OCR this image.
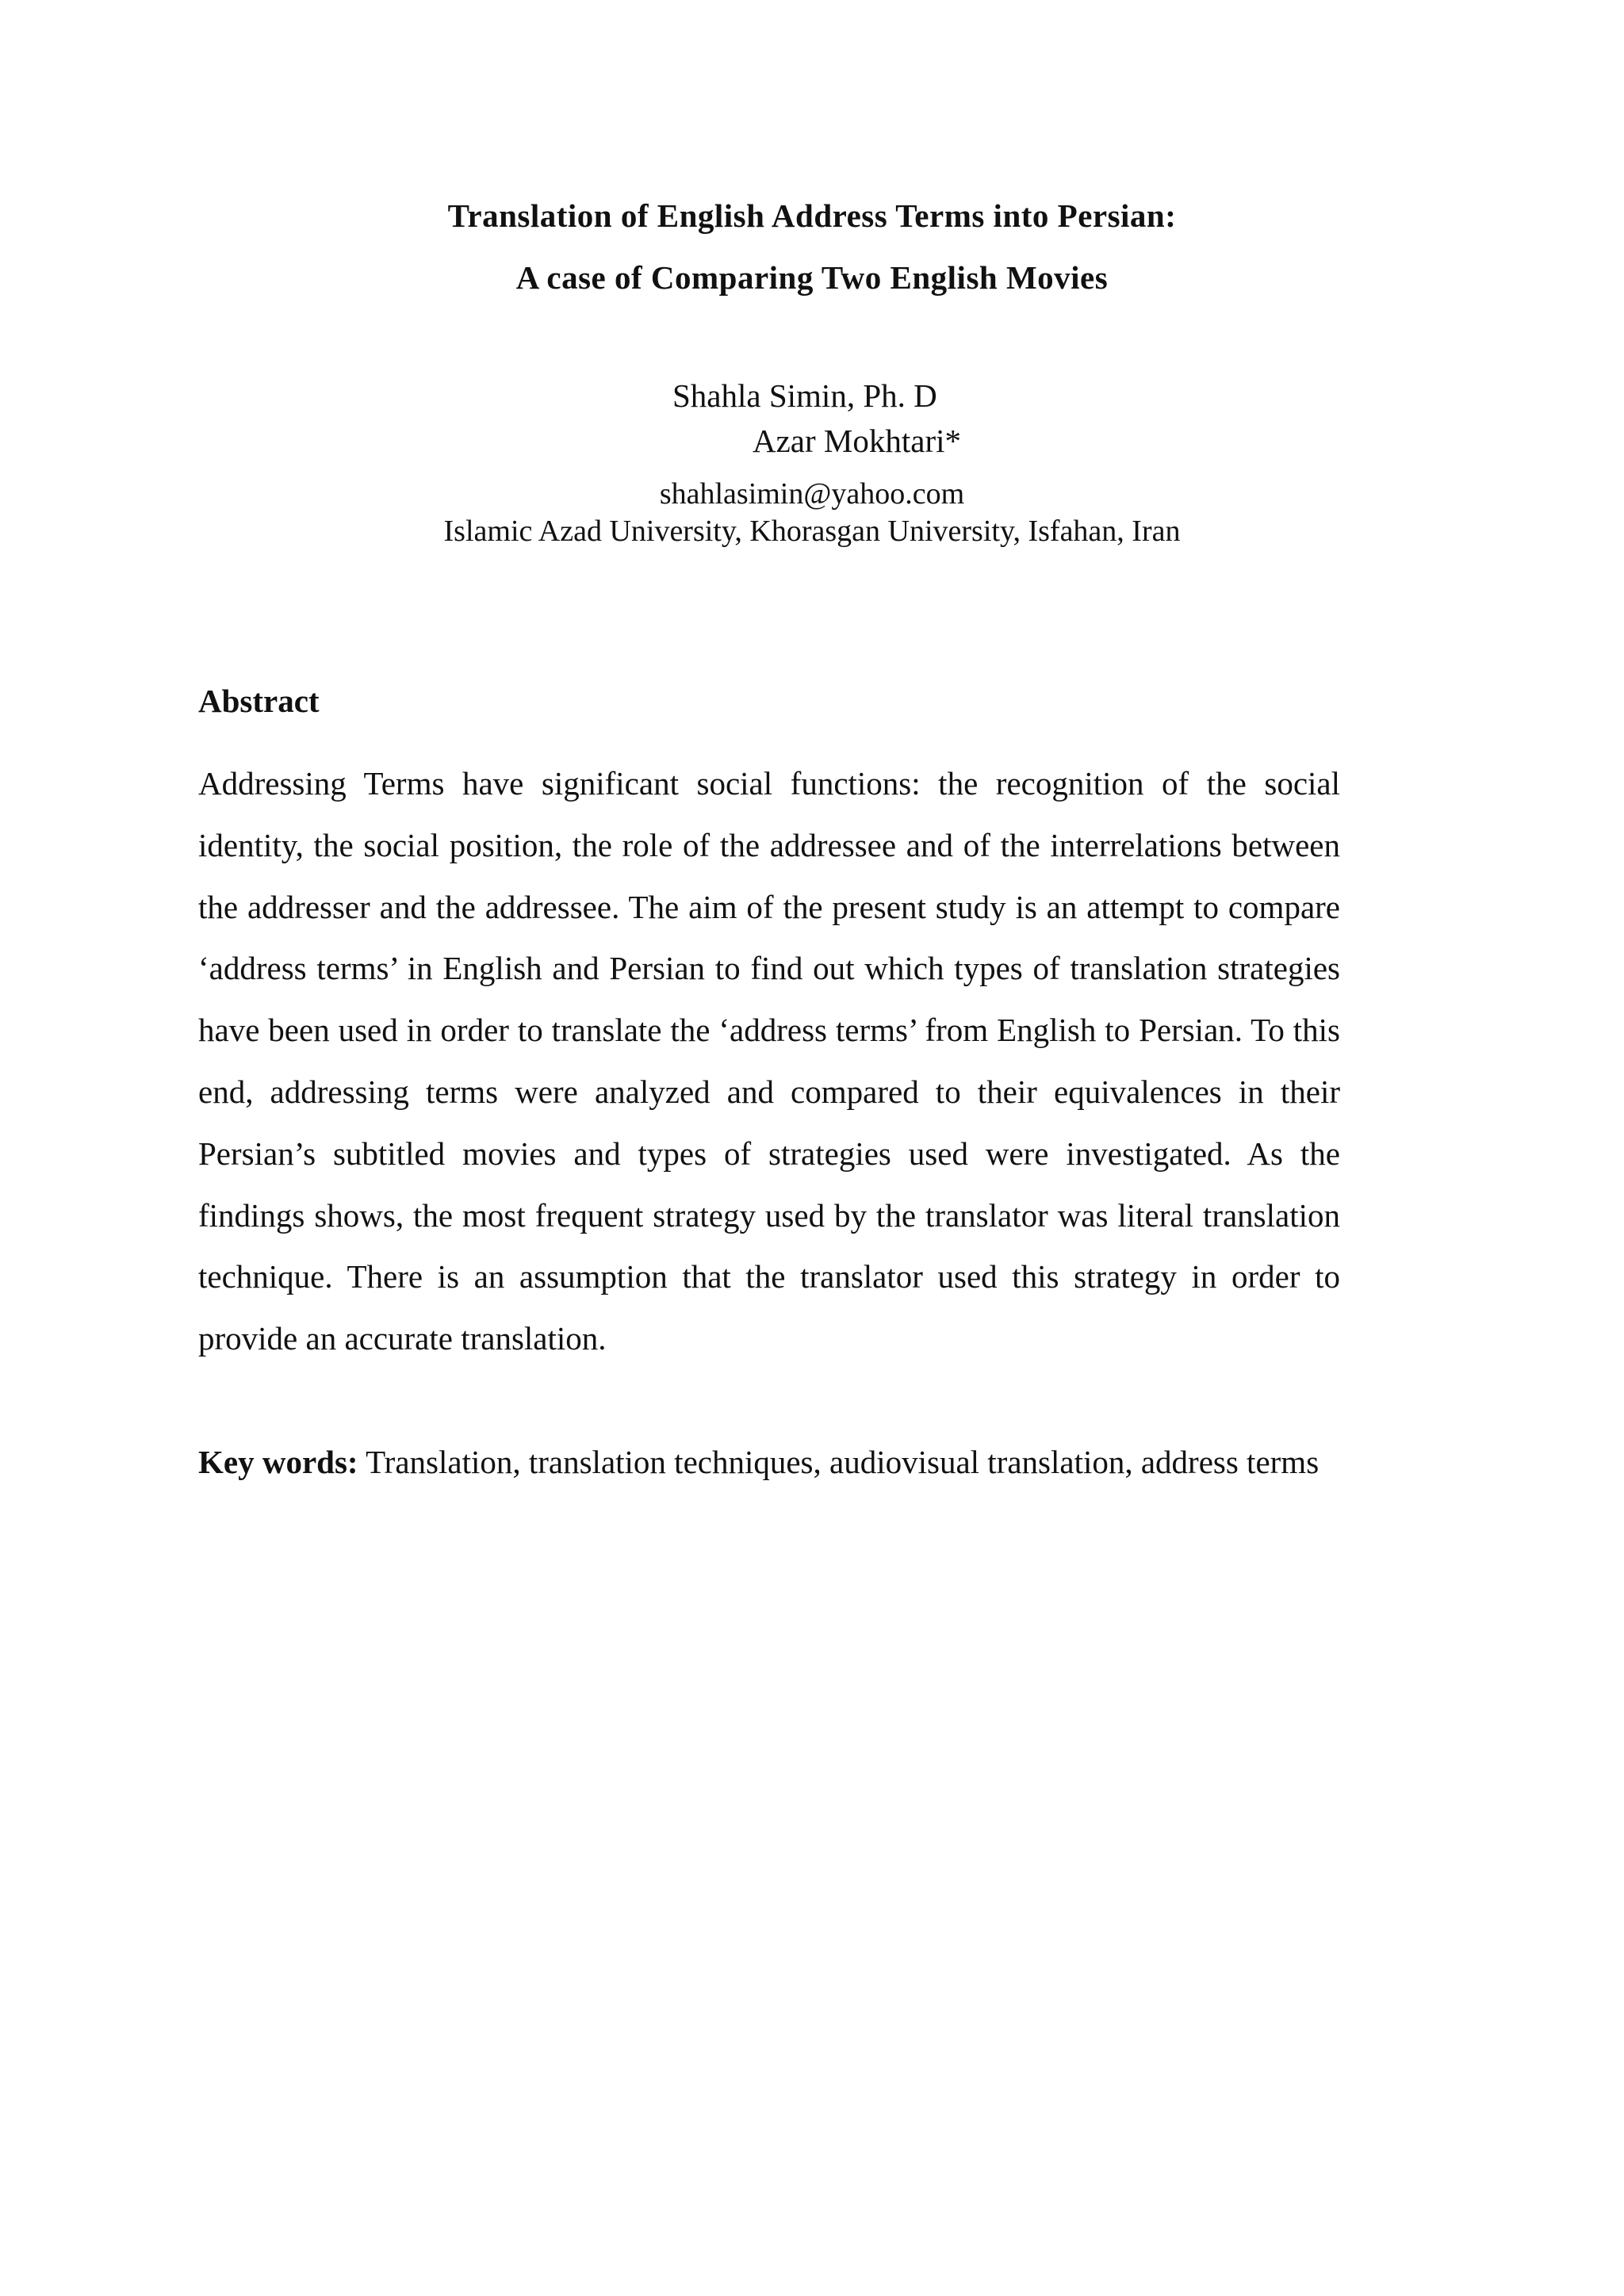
Translation of English Address Terms into Persian:
A case of Comparing Two English Movies
Shahla Simin, Ph. D
Azar Mokhtari*
shahlasimin@yahoo.com
Islamic Azad University, Khorasgan University, Isfahan, Iran
Abstract

Addressing Terms have significant social functions: the recognition of the social identity, the social position, the role of the addressee and of the interrelations between the addresser and the addressee. The aim of the present study is an attempt to compare ‘address terms’ in English and Persian to find out which types of translation strategies have been used in order to translate the ‘address terms’ from English to Persian. To this end, addressing terms were analyzed and compared to their equivalences in their Persian’s subtitled movies and types of strategies used were investigated. As the findings shows, the most frequent strategy used by the translator was literal translation technique. There is an assumption that the translator used this strategy in order to provide an accurate translation.

Key words: Translation, translation techniques, audiovisual translation, address terms
